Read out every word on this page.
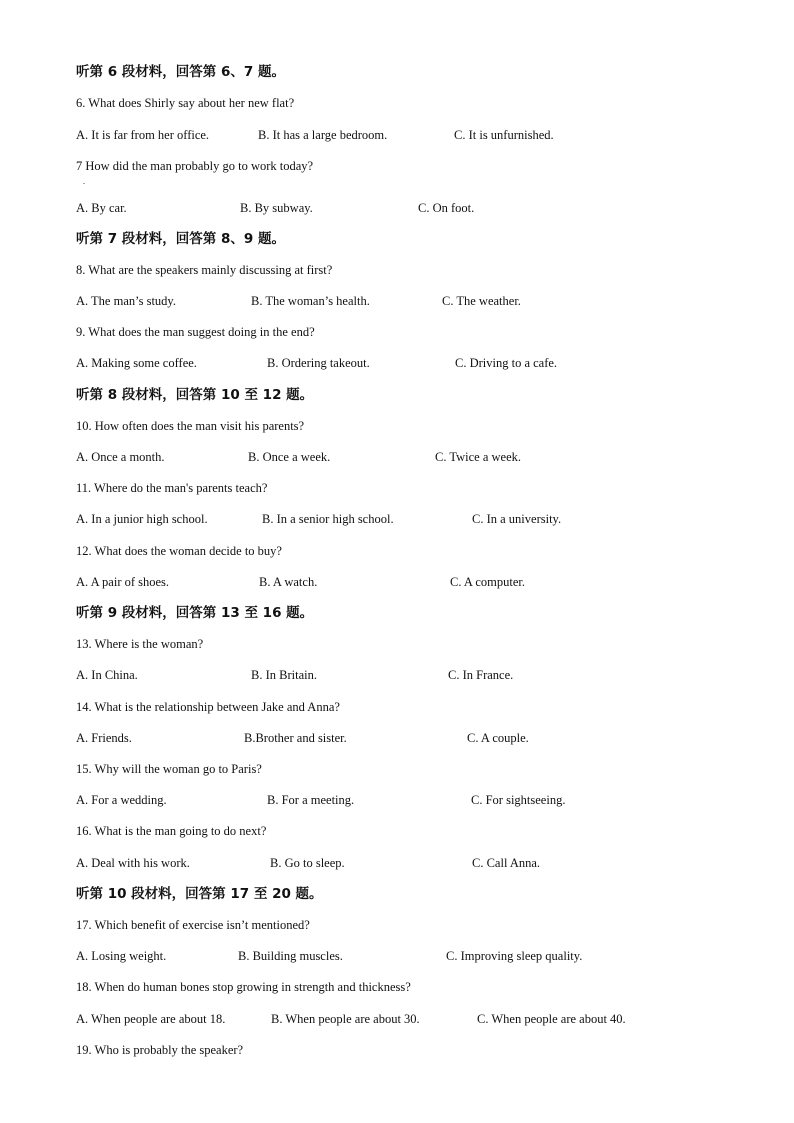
听第 6 段材料，回答第 6、7 题。
6. What does Shirly say about her new flat?
A. It is far from her office.	B. It has a large bedroom.	C. It is unfurnished.
7 How did the man probably go to work today?
.
A. By car.	B. By subway.	C. On foot.
听第 7 段材料，回答第 8、9 题。
8. What are the speakers mainly discussing at first?
A. The man’s study.	B. The woman’s health.	C. The weather.
9. What does the man suggest doing in the end?
A. Making some coffee.	B. Ordering takeout.	C. Driving to a cafe.
听第 8 段材料，回答第 10 至 12 题。
10. How often does the man visit his parents?
A. Once a month.	B. Once a week.	C. Twice a week.
11. Where do the man's parents teach?
A. In a junior high school.	B. In a senior high school.	C. In a university.
12. What does the woman decide to buy?
A. A pair of shoes.	B. A watch.	C. A computer.
听第 9 段材料，回答第 13 至 16 题。
13. Where is the woman?
A. In China.	B. In Britain.	C. In France.
14. What is the relationship between Jake and Anna?
A. Friends.	B.Brother and sister.	C. A couple.
15. Why will the woman go to Paris?
A. For a wedding.	B. For a meeting.	C. For sightseeing.
16. What is the man going to do next?
A. Deal with his work.	B. Go to sleep.	C. Call Anna.
听第 10 段材料，回答第 17 至 20 题。
17. Which benefit of exercise isn’t mentioned?
A. Losing weight.	B. Building muscles.	C. Improving sleep quality.
18. When do human bones stop growing in strength and thickness?
A. When people are about 18.	B. When people are about 30.	C. When people are about 40.
19. Who is probably the speaker?
